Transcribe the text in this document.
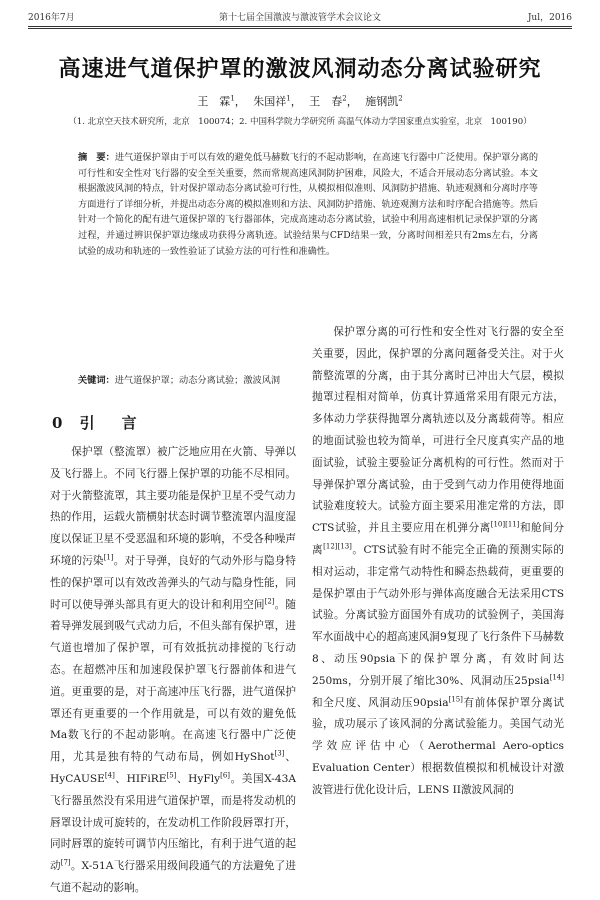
2016年7月	第十七届全国激波与激波管学术会议论文	Jul，2016
高速进气道保护罩的激波风洞动态分离试验研究
王　霖$^1$， 朱国祥$^1$， 王　春$^2$， 施钢凯$^2$
（1. 北京空天技术研究所，北京　100074；2. 中国科学院力学研究所 高温气体动力学国家重点实验室，北京　100190）
摘　要：进气道保护罩由于可以有效的避免低马赫数飞行的不起动影响，在高速飞行器中广泛使用。保护罩分离的可行性和安全性对飞行器的安全至关重要，然而常规高速风洞防护困难，风险大，不适合开展动态分离试验。本文根据激波风洞的特点，针对保护罩动态分离试验可行性，从模拟相似准则、风洞防护措施、轨迹观测和分离时序等方面进行了详细分析，并提出动态分离的模拟准则和方法、风洞防护措施、轨迹观测方法和时序配合措施等。然后针对一个简化的配有进气道保护罩的飞行器部体，完成高速动态分离试验，试验中利用高速相机记录保护罩的分离过程，并通过辨识保护罩边缘成功获得分离轨迹。试验结果与CFD结果一致，分离时间相差只有2ms左右，分离试验的成功和轨迹的一致性验证了试验方法的可行性和准确性。
关键词：进气道保护罩；动态分离试验；激波风洞
0 引　言

保护罩（整流罩）被广泛地应用在火箭、导弹以及飞行器上。不同飞行器上保护罩的功能不尽相同。对于火箭整流罩，其主要功能是保护卫星不受气动力热的作用，运载火箭横射状态时调节整流罩内温度湿度以保证卫星不受恶温和环境的影响，不受各种噪声环境的污染[1]。对于导弹，良好的气动外形与隐身特性的保护罩可以有效改善弹头的气动与隐身性能，同时可以使导弹头部具有更大的设计和利用空间[2]。随着导弹发展到吸气式动力后，不但头部有保护罩，进气道也增加了保护罩，可有效抵抗动排搅的飞行动态。在超燃冲压和加速段保护罩飞行器前体和进气道。更重要的是，对于高速冲压飞行器，进气道保护罩还有更重要的一个作用就是，可以有效的避免低Ma数飞行的不起动影响。在高速飞行器中广泛使用，尤其是独有特的气动布局，例如HyShot[3]、HyCAUSE[4]、HIFiRE[5]、HyFly[6]。美国X-43A飞行器虽然没有采用进气道保护罩，而是将发动机的唇罩设计成可旋转的，在发动机工作阶段唇罩打开，同时唇罩的旋转可调节内压缩比，有利于进气道的起动[7]。X-51A飞行器采用级间段通气的方法避免了进气道不起动的影响。

保护罩分离的可行性和安全性对飞行器的安全至关重要，因此，保护罩的分离问题备受关注。对于火箭整流罩的分离，由于其分离时已冲出大气层，模拟抛罩过程相对简单，仿真计算通常采用有限元方法，多体动力学获得抛罩分离轨迹以及分离载荷等。相应的地面试验也较为简单，可进行全尺度真实产品的地面试验，试验主要验证分离机构的可行性。然而对于导弹保护罩分离试验，由于受到气动力作用使得地面试验难度较大。试验方面主要采用准定常的方法，即CTS试验，并且主要应用在机弹分离[10][11]和舱间分离[12][13]。CTS试验有时不能完全正确的预测实际的相对运动，非定常气动特性和瞬态热载荷，更重要的是保护罩由于气动外形与弹体高度融合无法采用CTS试验。分离试验方面国外有成功的试验例子，美国海军水面战中心的超高速风洞9复现了飞行条件下马赫数8、动压90psia下的保护罩分离，有效时间达250ms，分别开展了缩比30%、风洞动压25psia[14]和全尺度、风洞动压90psia[15]有前体保护罩分离试验，成功展示了该风洞的分离试验能力。美国气动光学效应评估中心（Aerothermal Aero-optics Evaluation Center）根据数值模拟和机械设计对激波管进行优化设计后，LENS II激波风洞的
